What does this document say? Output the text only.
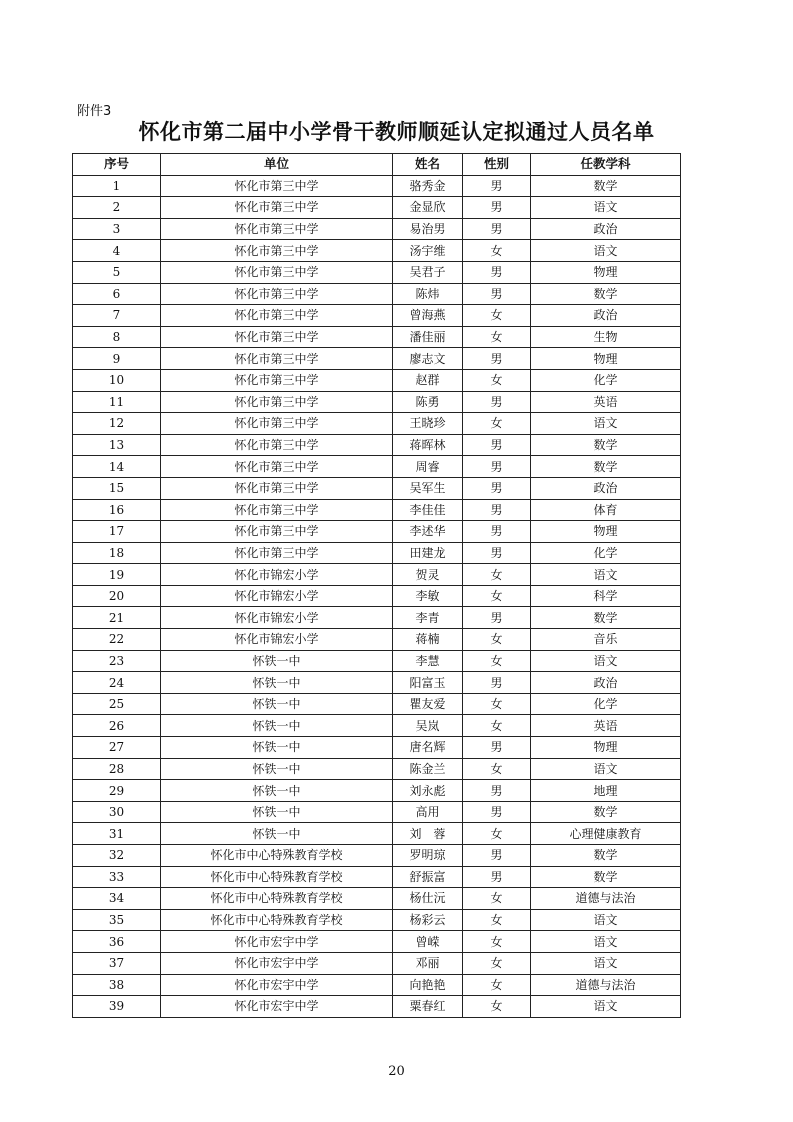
附件3
怀化市第二届中小学骨干教师顺延认定拟通过人员名单
序号	单位	姓名	性别	任教学科
1	怀化市第三中学	骆秀金	男	数学
2	怀化市第三中学	金显欣	男	语文
3	怀化市第三中学	易治男	男	政治
4	怀化市第三中学	汤宇维	女	语文
5	怀化市第三中学	吴君子	男	物理
6	怀化市第三中学	陈炜	男	数学
7	怀化市第三中学	曾海燕	女	政治
8	怀化市第三中学	潘佳丽	女	生物
9	怀化市第三中学	廖志文	男	物理
10	怀化市第三中学	赵群	女	化学
11	怀化市第三中学	陈勇	男	英语
12	怀化市第三中学	王晓珍	女	语文
13	怀化市第三中学	蒋晖林	男	数学
14	怀化市第三中学	周睿	男	数学
15	怀化市第三中学	吴军生	男	政治
16	怀化市第三中学	李佳佳	男	体育
17	怀化市第三中学	李述华	男	物理
18	怀化市第三中学	田建龙	男	化学
19	怀化市锦宏小学	贺灵	女	语文
20	怀化市锦宏小学	李敏	女	科学
21	怀化市锦宏小学	李青	男	数学
22	怀化市锦宏小学	蒋楠	女	音乐
23	怀铁一中	李慧	女	语文
24	怀铁一中	阳富玉	男	政治
25	怀铁一中	瞿友爱	女	化学
26	怀铁一中	吴岚	女	英语
27	怀铁一中	唐名辉	男	物理
28	怀铁一中	陈金兰	女	语文
29	怀铁一中	刘永彪	男	地理
30	怀铁一中	高用	男	数学
31	怀铁一中	刘　蓉	女	心理健康教育
32	怀化市中心特殊教育学校	罗明琼	男	数学
33	怀化市中心特殊教育学校	舒振富	男	数学
34	怀化市中心特殊教育学校	杨仕沅	女	道德与法治
35	怀化市中心特殊教育学校	杨彩云	女	语文
36	怀化市宏宇中学	曾嵘	女	语文
37	怀化市宏宇中学	邓丽	女	语文
38	怀化市宏宇中学	向艳艳	女	道德与法治
39	怀化市宏宇中学	粟春红	女	语文
20
